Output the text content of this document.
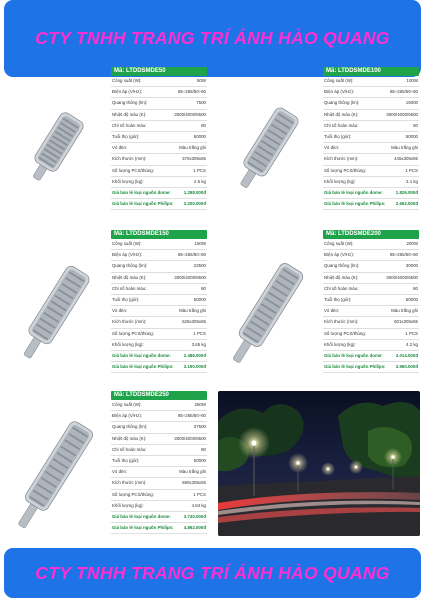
CTY TNHH TRANG TRÍ ÁNH HÀO QUANG
Mã: LTDDSMDE50
Công suất (W):	50W
Điện áp (V/Hz):	85÷265/50÷60
Quang thông (lm):	7500
Nhiệt độ màu (K):	3000/4000/6500
Chỉ số hoàn màu:	80
Tuổi thọ (giờ):	50000
Vỏ đèn:	Màu trắng ghi
Kích thước (mm):	370x305x65
Số lượng PCS/thùng:	1 PCS
Khối lượng (kg):	2.5 kg
Giá bán lẻ loại nguồn dome:	1.298.000đ
Giá bán lẻ loại nguồn Philips: 2.200.000đ
Mã: LTDDSMDE100
Công suất (W):	100W
Điện áp (V/Hz):	85÷265/50÷60
Quang thông (lm):	15000
Nhiệt độ màu (K):	3000/4000/6500
Chỉ số hoàn màu:	80
Tuổi thọ (giờ):	50000
Vỏ đèn:	Màu trắng ghi
Kích thước (mm):	445x305x65
Số lượng PCS/thùng:	1 PCS
Khối lượng (kg):	3.1 kg
Giá bán lẻ loại nguồn dome:	1.826.000đ
Giá bán lẻ loại nguồn Philips: 2.662.000đ
Mã: LTDDSMDE150
Công suất (W):	150W
Điện áp (V/Hz):	85÷265/50÷60
Quang thông (lm):	22500
Nhiệt độ màu (K):	3000/4000/6500
Chỉ số hoàn màu:	80
Tuổi thọ (giờ):	50000
Vỏ đèn:	Màu trắng ghi
Kích thước (mm):	525x305x65
Số lượng PCS/thùng:	1 PCS
Khối lượng (kg):	3.65 kg
Giá bán lẻ loại nguồn dome:	2.486.000đ
Giá bán lẻ loại nguồn Philips: 3.190.000đ
Mã: LTDDSMDE200
Công suất (W):	200W
Điện áp (V/Hz):	85÷265/50÷60
Quang thông (lm):	30000
Nhiệt độ màu (K):	3000/4000/6500
Chỉ số hoàn màu:	80
Tuổi thọ (giờ):	50000
Vỏ đèn:	Màu trắng ghi
Kích thước (mm):	601x305x65
Số lượng PCS/thùng:	1 PCS
Khối lượng (kg):	4.2 kg
Giá bán lẻ loại nguồn dome:	3.014.000đ
Giá bán lẻ loại nguồn Philips: 3.960.000đ
Mã: LTDDSMDE250
Công suất (W):	250W
Điện áp (V/Hz):	85÷265/50÷60
Quang thông (lm):	37500
Nhiệt độ màu (K):	3000/4000/6500
Chỉ số hoàn màu:	80
Tuổi thọ (giờ):	50000
Vỏ đèn:	Màu trắng ghi
Kích thước (mm):	680x305x65
Số lượng PCS/thùng:	1 PCS
Khối lượng (kg):	4.84 kg
Giá bán lẻ loại nguồn dome:	3.740.000đ
Giá bán lẻ loại nguồn Philips: 4.862.000đ
CTY TNHH TRANG TRÍ ÁNH HÀO QUANG
